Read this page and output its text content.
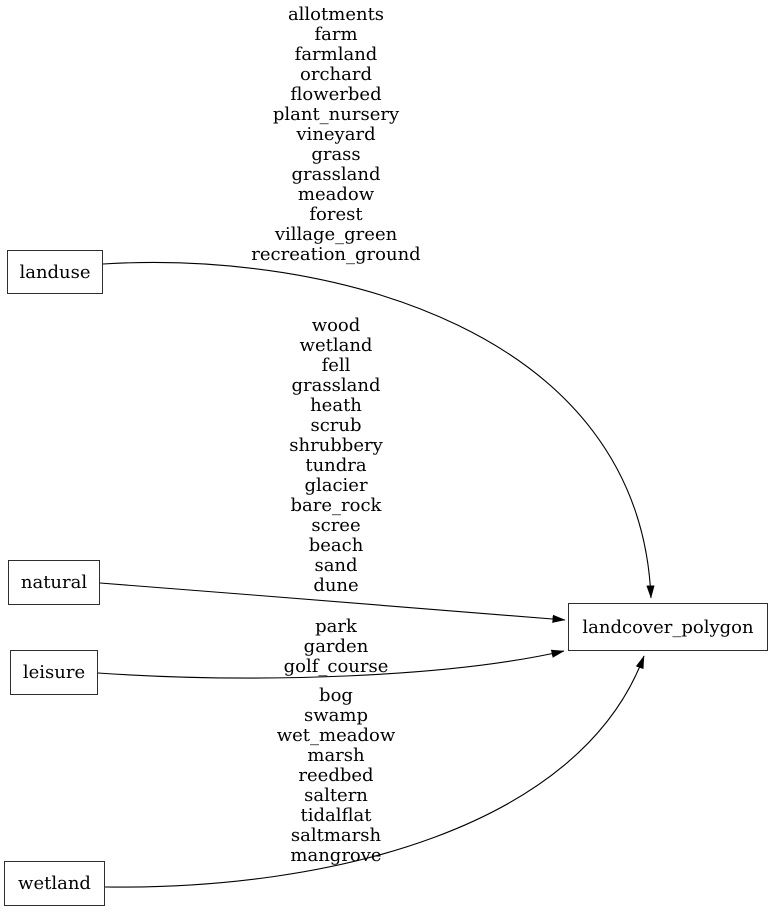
landuse
natural
leisure
wetland
landcover_polygon
allotments
farm
farmland
orchard
flowerbed
plant_nursery
vineyard
grass
grassland
meadow
forest
village_green
recreation_ground
wood
wetland
fell
grassland
heath
scrub
shrubbery
tundra
glacier
bare_rock
scree
beach
sand
dune
park
garden
golf_course
bog
swamp
wet_meadow
marsh
reedbed
saltern
tidalflat
saltmarsh
mangrove
